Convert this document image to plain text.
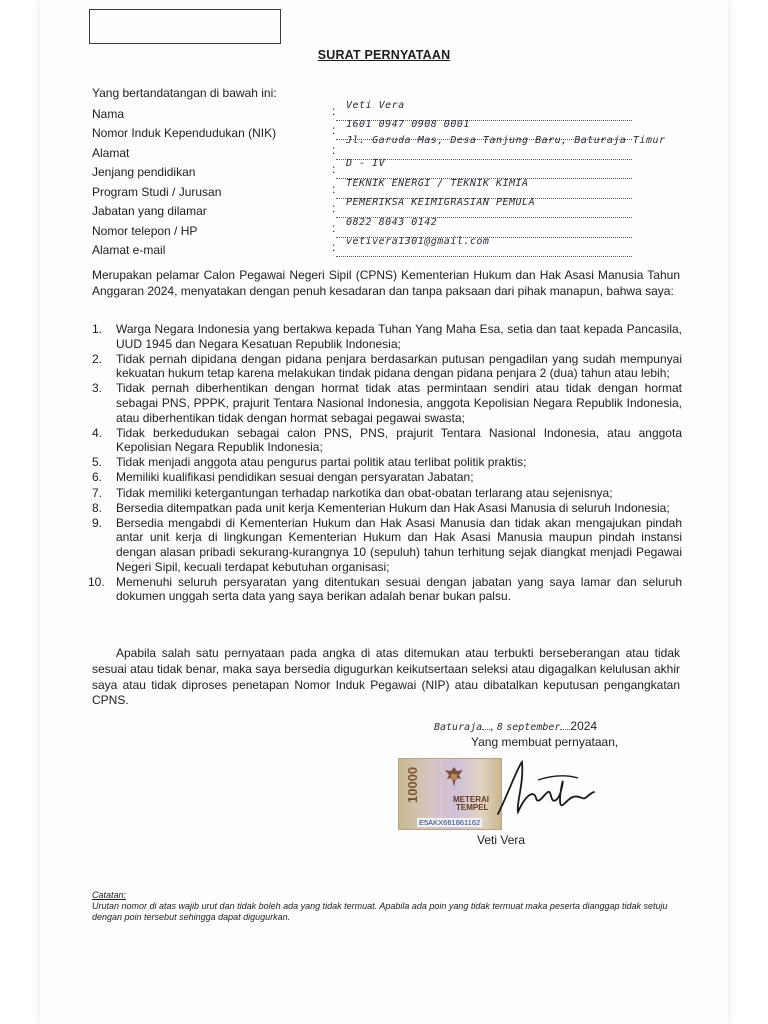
SURAT PERNYATAAN
Yang bertandatangan di bawah ini:
Nama	: Veti Vera
Nomor Induk Kependudukan (NIK)	: 1601 0947 0908 0001
Alamat	:
Jl. Garuda Mas, Desa Tanjung Baru, Baturaja Timur
Jenjang pendidikan	: D - IV
Program Studi / Jurusan	: TEKNIK ENERGI / TEKNIK KIMIA
Jabatan yang dilamar	: PEMERIKSA KEIMIGRASIAN PEMULA
Nomor telepon / HP	: 0822 8043 0142
Alamat e-mail	: vetivera1301@gmail.com
Merupakan pelamar Calon Pegawai Negeri Sipil (CPNS) Kementerian Hukum dan Hak Asasi Manusia Tahun Anggaran 2024, menyatakan dengan penuh kesadaran dan tanpa paksaan dari pihak manapun, bahwa saya:
1. Warga Negara Indonesia yang bertakwa kepada Tuhan Yang Maha Esa, setia dan taat kepada Pancasila, UUD 1945 dan Negara Kesatuan Republik Indonesia;
2. Tidak pernah dipidana dengan pidana penjara berdasarkan putusan pengadilan yang sudah mempunyai kekuatan hukum tetap karena melakukan tindak pidana dengan pidana penjara 2 (dua) tahun atau lebih;
3. Tidak pernah diberhentikan dengan hormat tidak atas permintaan sendiri atau tidak dengan hormat sebagai PNS, PPPK, prajurit Tentara Nasional Indonesia, anggota Kepolisian Negara Republik Indonesia, atau diberhentikan tidak dengan hormat sebagai pegawai swasta;
4. Tidak berkedudukan sebagai calon PNS, PNS, prajurit Tentara Nasional Indonesia, atau anggota Kepolisian Negara Republik Indonesia;
5. Tidak menjadi anggota atau pengurus partai politik atau terlibat politik praktis;
6. Memiliki kualifikasi pendidikan sesuai dengan persyaratan Jabatan;
7. Tidak memiliki ketergantungan terhadap narkotika dan obat-obatan terlarang atau sejenisnya;
8. Bersedia ditempatkan pada unit kerja Kementerian Hukum dan Hak Asasi Manusia di seluruh Indonesia;
9. Bersedia mengabdi di Kementerian Hukum dan Hak Asasi Manusia dan tidak akan mengajukan pindah antar unit kerja di lingkungan Kementerian Hukum dan Hak Asasi Manusia maupun pindah instansi dengan alasan pribadi sekurang-kurangnya 10 (sepuluh) tahun terhitung sejak diangkat menjadi Pegawai Negeri Sipil, kecuali terdapat kebutuhan organisasi;
10. Memenuhi seluruh persyaratan yang ditentukan sesuai dengan jabatan yang saya lamar dan seluruh dokumen unggah serta data yang saya berikan adalah benar bukan palsu.
Apabila salah satu pernyataan pada angka di atas ditemukan atau terbukti berseberangan atau tidak sesuai atau tidak benar, maka saya bersedia digugurkan keikutsertaan seleksi atau digagalkan kelulusan akhir saya atau tidak diproses penetapan Nomor Induk Pegawai (NIP) atau dibatalkan keputusan pengangkatan CPNS.
Baturaja , 8 september 2024
Yang membuat pernyataan,
10000	METERAI
TEMPEL
E5AKX661861162
Veti Vera
Catatan:
Urutan nomor di atas wajib urut dan tidak boleh ada yang tidak termuat. Apabila ada poin yang tidak termuat maka peserta dianggap tidak setuju dengan poin tersebut sehingga dapat digugurkan.
